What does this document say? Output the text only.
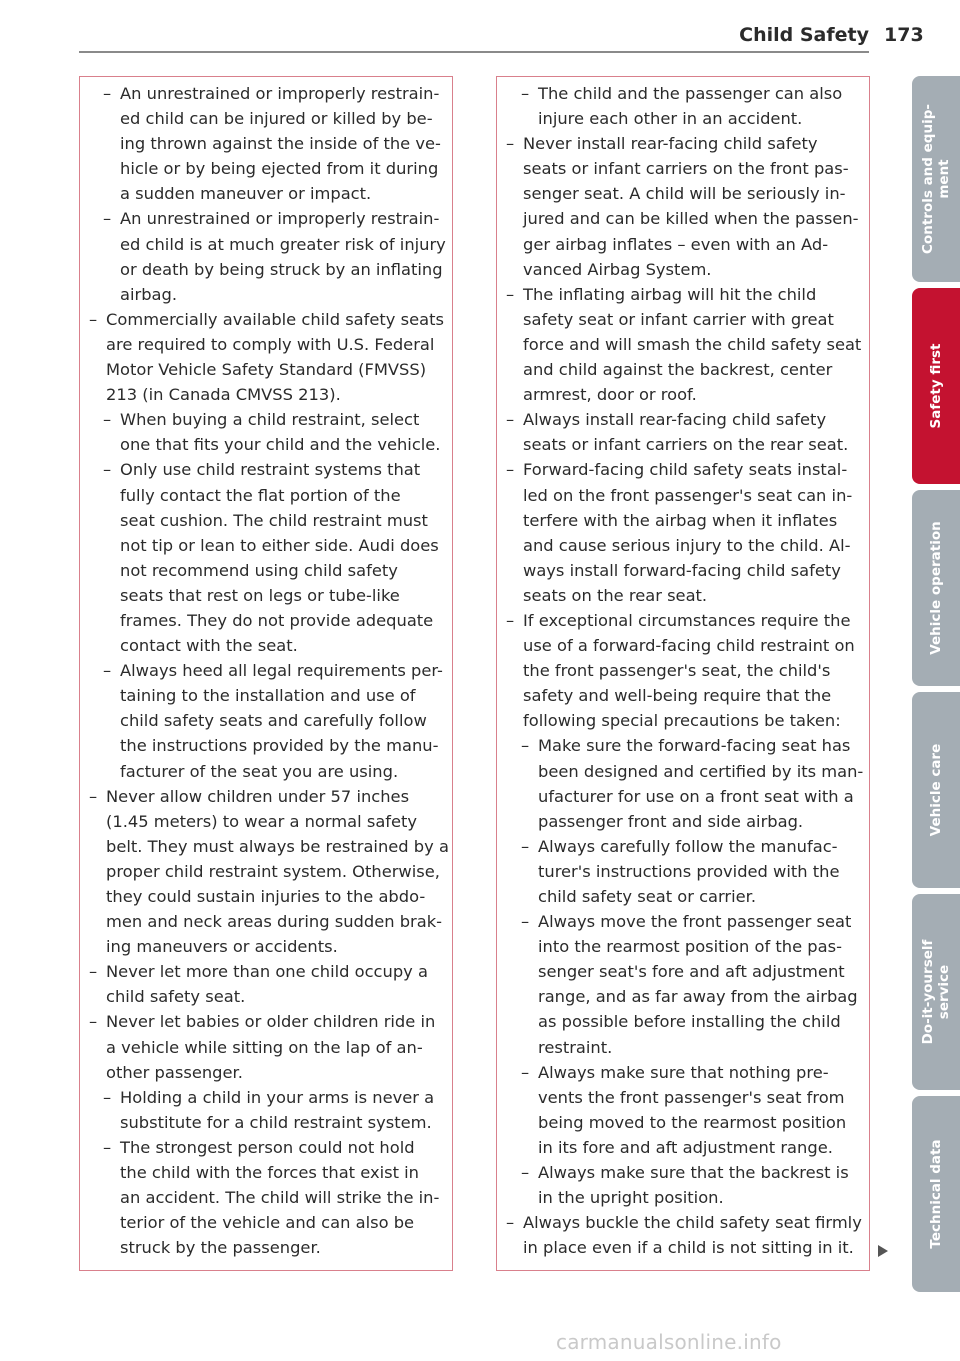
Child Safety 173
– An unrestrained or improperly restrain-
ed child can be injured or killed by be-
ing thrown against the inside of the ve-
hicle or by being ejected from it during
a sudden maneuver or impact.
– An unrestrained or improperly restrain-
ed child is at much greater risk of injury
or death by being struck by an inflating
airbag.
– Commercially available child safety seats
are required to comply with U.S. Federal
Motor Vehicle Safety Standard (FMVSS)
213 (in Canada CMVSS 213).
– When buying a child restraint, select
one that fits your child and the vehicle.
– Only use child restraint systems that
fully contact the flat portion of the
seat cushion. The child restraint must
not tip or lean to either side. Audi does
not recommend using child safety
seats that rest on legs or tube-like
frames. They do not provide adequate
contact with the seat.
– Always heed all legal requirements per-
taining to the installation and use of
child safety seats and carefully follow
the instructions provided by the manu-
facturer of the seat you are using.
– Never allow children under 57 inches
(1.45 meters) to wear a normal safety
belt. They must always be restrained by a
proper child restraint system. Otherwise,
they could sustain injuries to the abdo-
men and neck areas during sudden brak-
ing maneuvers or accidents.
– Never let more than one child occupy a
child safety seat.
– Never let babies or older children ride in
a vehicle while sitting on the lap of an-
other passenger.
– Holding a child in your arms is never a
substitute for a child restraint system.
– The strongest person could not hold
the child with the forces that exist in
an accident. The child will strike the in-
terior of the vehicle and can also be
struck by the passenger.
– The child and the passenger can also
injure each other in an accident.
– Never install rear-facing child safety
seats or infant carriers on the front pas-
senger seat. A child will be seriously in-
jured and can be killed when the passen-
ger airbag inflates – even with an Ad-
vanced Airbag System.
– The inflating airbag will hit the child
safety seat or infant carrier with great
force and will smash the child safety seat
and child against the backrest, center
armrest, door or roof.
– Always install rear-facing child safety
seats or infant carriers on the rear seat.
– Forward-facing child safety seats instal-
led on the front passenger's seat can in-
terfere with the airbag when it inflates
and cause serious injury to the child. Al-
ways install forward-facing child safety
seats on the rear seat.
– If exceptional circumstances require the
use of a forward-facing child restraint on
the front passenger's seat, the child's
safety and well-being require that the
following special precautions be taken:
– Make sure the forward-facing seat has
been designed and certified by its man-
ufacturer for use on a front seat with a
passenger front and side airbag.
– Always carefully follow the manufac-
turer's instructions provided with the
child safety seat or carrier.
– Always move the front passenger seat
into the rearmost position of the pas-
senger seat's fore and aft adjustment
range, and as far away from the airbag
as possible before installing the child
restraint.
– Always make sure that nothing pre-
vents the front passenger's seat from
being moved to the rearmost position
in its fore and aft adjustment range.
– Always make sure that the backrest is
in the upright position.
– Always buckle the child safety seat firmly
in place even if a child is not sitting in it.
Controls and equip-
ment
Safety first
Vehicle operation
Vehicle care
Do-it-yourself
service
Technical data
carmanualsonline.info
